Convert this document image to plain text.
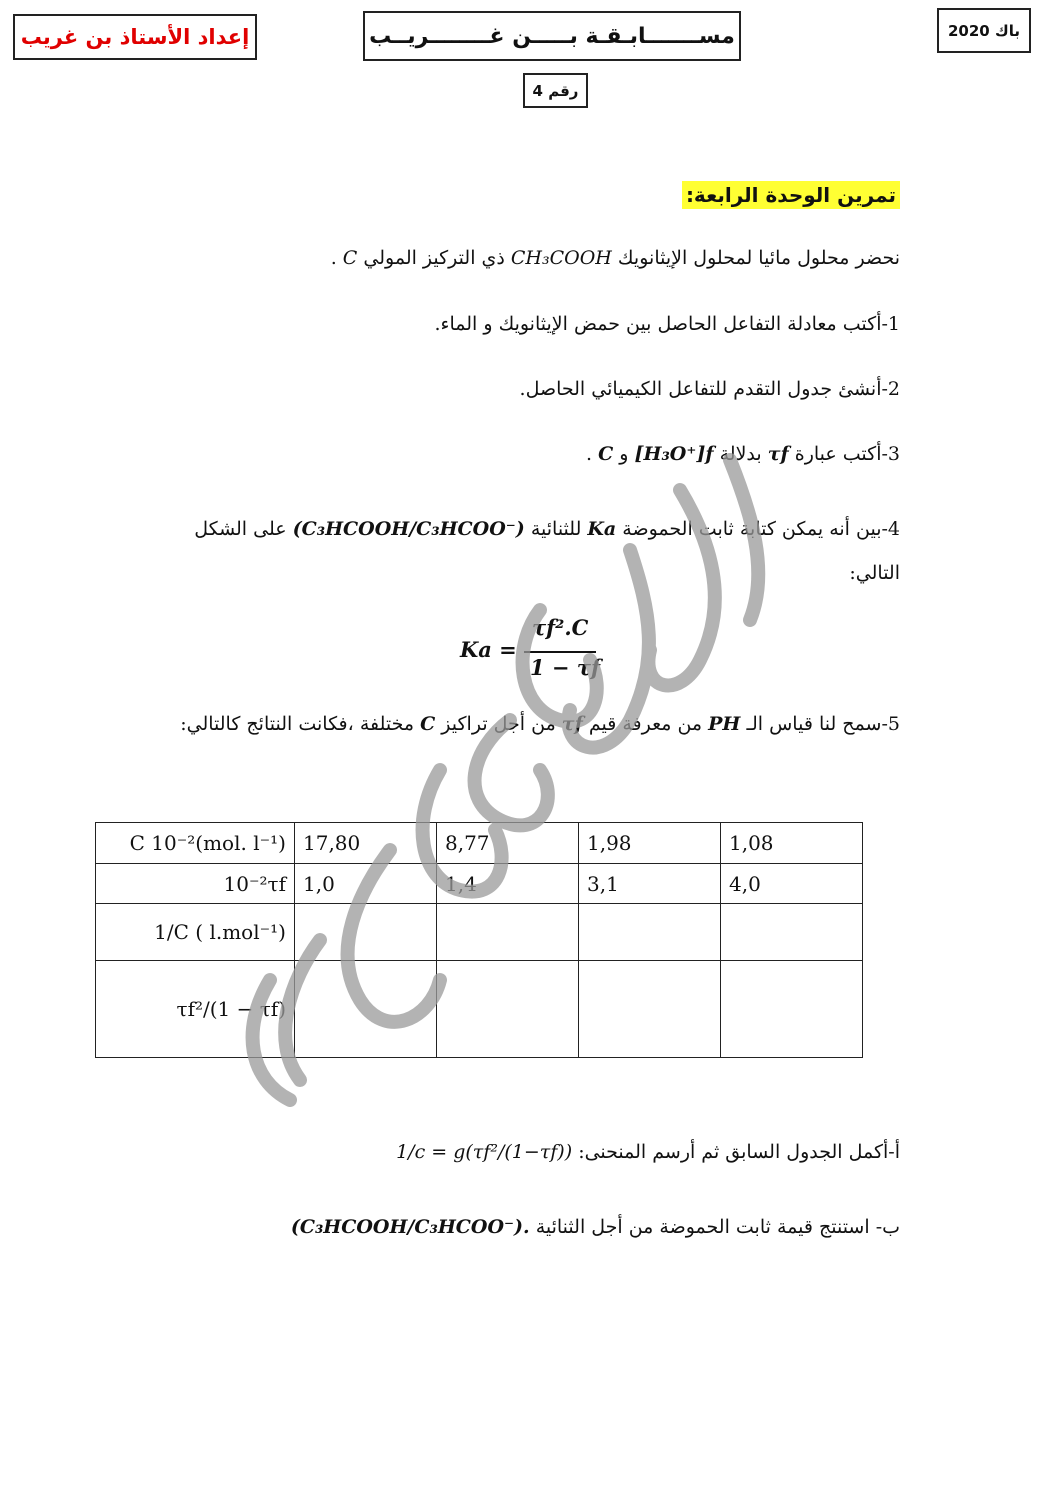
إعداد الأستاذ بن غريب	مســـــــابـقـة بـــــن غــــــــريــب
رقم 4
باك 2020
تمرين الوحدة الرابعة:
نحضر محلول مائيا لمحلول الإيثانويك CH₃COOH ذي التركيز المولي C .
1-أكتب معادلة التفاعل الحاصل بين حمض الإيثانويك و الماء.
2-أنشئ جدول التقدم للتفاعل الكيميائي الحاصل.
3-أكتب عبارة τf بدلالة [H₃O⁺]f و C .
4-بين أنه يمكن كتابة ثابت الحموضة Ka للثنائية (C₃HCOOH/C₃HCOO⁻) على الشكل التالي:
Ka =
τf².C
1 − τf
5-سمح لنا قياس الـ PH من معرفة قيم τf من أجل تراكيز C مختلفة ،فكانت النتائج كالتالي:
C 10⁻²(mol. l⁻¹)	17,80	8,77	1,98	1,08
10⁻²τf	1,0	1,4	3,1	4,0
1/C ( l.mol⁻¹)				
τf²/(1 − τf)				
أ-أكمل الجدول السابق ثم أرسم المنحنى: 1/c = g(τf²/(1−τf))
ب- استنتج قيمة ثابت الحموضة من أجل الثنائية (C₃HCOOH/C₃HCOO⁻).
